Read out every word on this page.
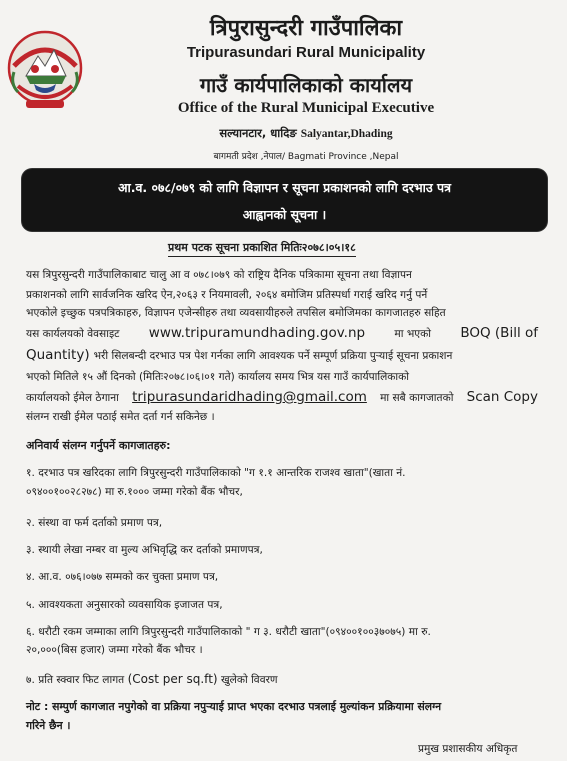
त्रिपुरासुन्दरी गाउँपालिका
Tripurasundari Rural Municipality
गाउँ कार्यपालिकाको कार्यालय
Office of the Rural Municipal Executive
सल्यानटार, धादिङ Salyantar,Dhading
बागमती प्रदेश ,नेपाल/ Bagmati Province ,Nepal
आ.व. ०७८/०७९ को लागि विज्ञापन र सूचना प्रकाशनको लागि दरभाउ पत्र
आह्वानको सूचना ।
प्रथम पटक सूचना प्रकाशित मितिः२०७८।०५।१८
यस त्रिपुरसुन्दरी गाउँपालिकाबाट चालु आ व ०७८।०७९ को राष्ट्रिय दैनिक पत्रिकामा सूचना तथा विज्ञापन
प्रकाशनको लागि सार्वजनिक खरिद ऐन,२०६३ र नियमावली, २०६४ बमोजिम प्रतिस्पर्धा गराई खरिद गर्नु पर्ने
भएकोले इच्छुक पत्रपत्रिकाहरु, विज्ञापन एजेन्सीहरु तथा व्यवसायीहरुले तपसिल बमोजिमका कागजातहरु सहित
यस कार्यलयको वेवसाइट www.tripuramundhading.gov.np	मा भएको BOQ (Bill of
Quantity) भरी सिलबन्दी दरभाउ पत्र पेश गर्नका लागि आवश्यक पर्ने सम्पूर्ण प्रक्रिया पुऱ्याई सूचना प्रकाशन
भएको मितिले १५ औं दिनको (मितिः२०७८।०६।०१ गते) कार्यालय समय भित्र यस गाउँ कार्यपालिकाको
कार्यालयको ईमेल ठेगाना tripurasundaridhading@gmail.com मा सबै कागजातको Scan Copy
संलग्न राखी ईमेल पठाई समेत दर्ता गर्न सकिनेछ ।
अनिवार्य संलग्न गर्नुपर्ने कागजातहरु:
१. दरभाउ पत्र खरिदका लागि त्रिपुरसुन्दरी गाउँपालिकाको "ग १.१ आन्तरिक राजश्व खाता"(खाता नं.
०९४००१००२८२७८) मा रु.१००० जम्मा गरेको बैंक भौचर,
२. संस्था वा फर्म दर्ताको प्रमाण पत्र,
३. स्थायी लेखा नम्बर वा मुल्य अभिवृद्धि कर दर्ताको प्रमाणपत्र,
४. आ.व. ०७६।०७७ सम्मको कर चुक्ता प्रमाण पत्र,
५. आवश्यकता अनुसारको व्यवसायिक इजाजत पत्र,
६. धरौटी रकम जम्माका लागि त्रिपुरसुन्दरी गाउँपालिकाको " ग ३. धरौटी खाता"(०९४००१००३७०७५) मा रु.
२०,०००(बिस हजार) जम्मा गरेको बैंक भौचर ।
७. प्रति स्क्वार फिट लागत (Cost per sq.ft) खुलेको विवरण
नोट : सम्पुर्ण कागजात नपुगेको वा प्रक्रिया नपुऱ्याई प्राप्त भएका दरभाउ पत्रलाई मुल्यांकन प्रक्रियामा संलग्न
गरिने छैन ।
प्रमुख प्रशासकीय अधिकृत
